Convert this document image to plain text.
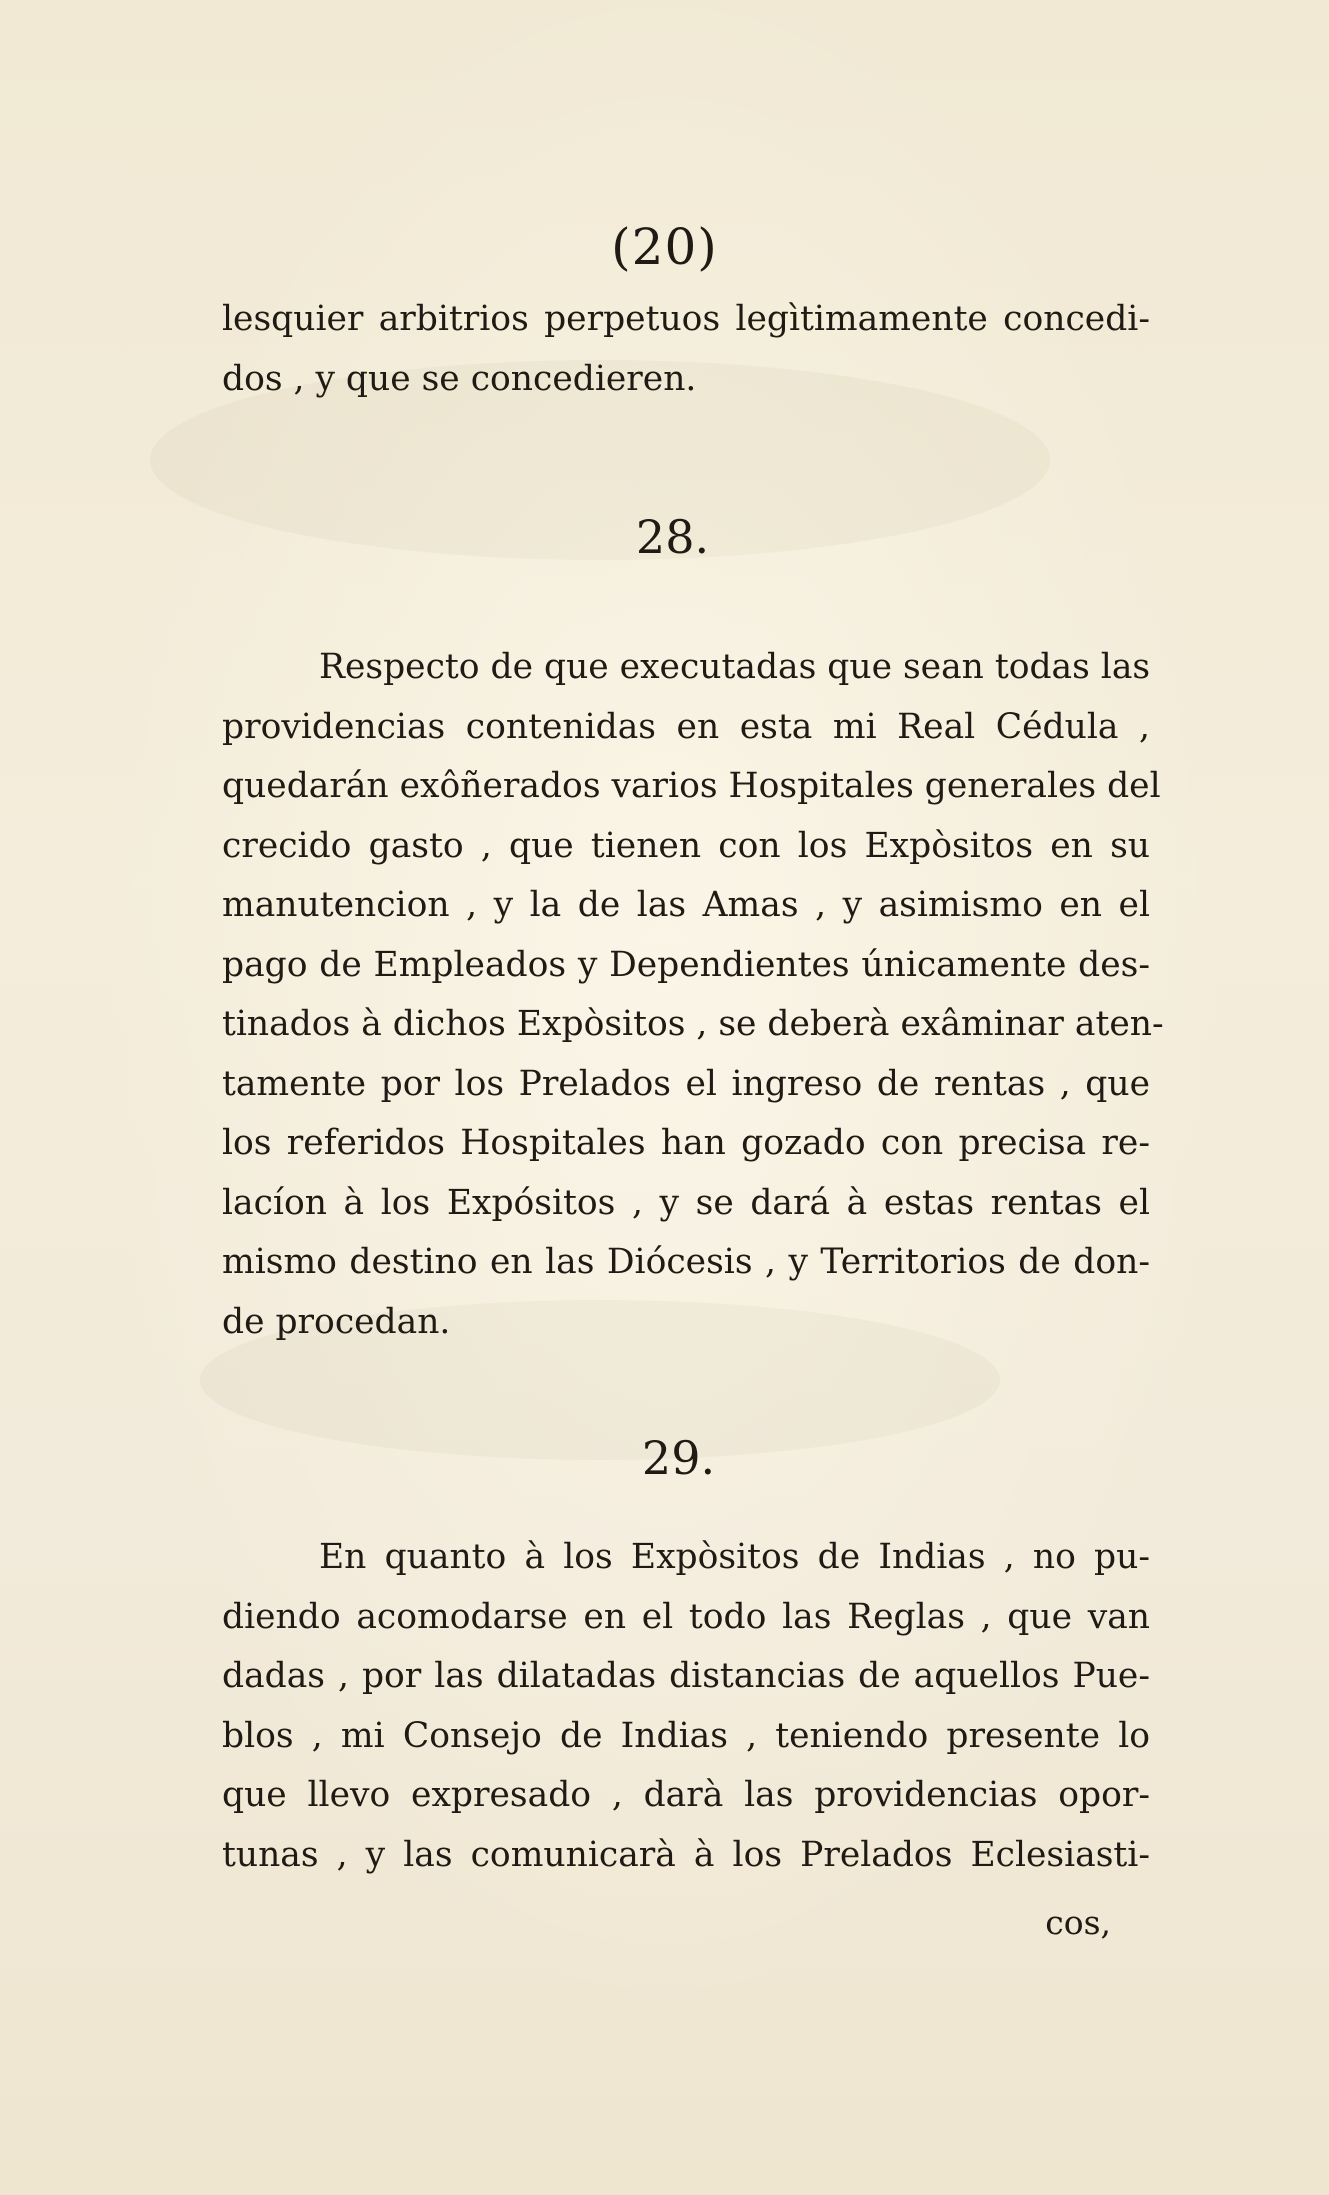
(20)
lesquier arbitrios perpetuos legìtimamente concedi-
dos , y que se concedieren.
28.
Respecto de que executadas que sean todas las
providencias contenidas en esta mi Real Cédula ,
quedarán exôñerados varios Hospitales generales del
crecido gasto , que tienen con los Expòsitos en su
manutencion , y la de las Amas , y asimismo en el
pago de Empleados y Dependientes únicamente des-
tinados à dichos Expòsitos , se deberà exâminar aten-
tamente por los Prelados el ingreso de rentas , que
los referidos Hospitales han gozado con precisa re-
lacíon à los Expósitos , y se dará à estas rentas el
mismo destino en las Diócesis , y Territorios de don-
de procedan.
29.
En quanto à los Expòsitos de Indias , no pu-
diendo acomodarse en el todo las Reglas , que van
dadas , por las dilatadas distancias de aquellos Pue-
blos , mi Consejo de Indias , teniendo presente lo
que llevo expresado , darà las providencias opor-
tunas , y las comunicarà à los Prelados Eclesiasti-
cos,
